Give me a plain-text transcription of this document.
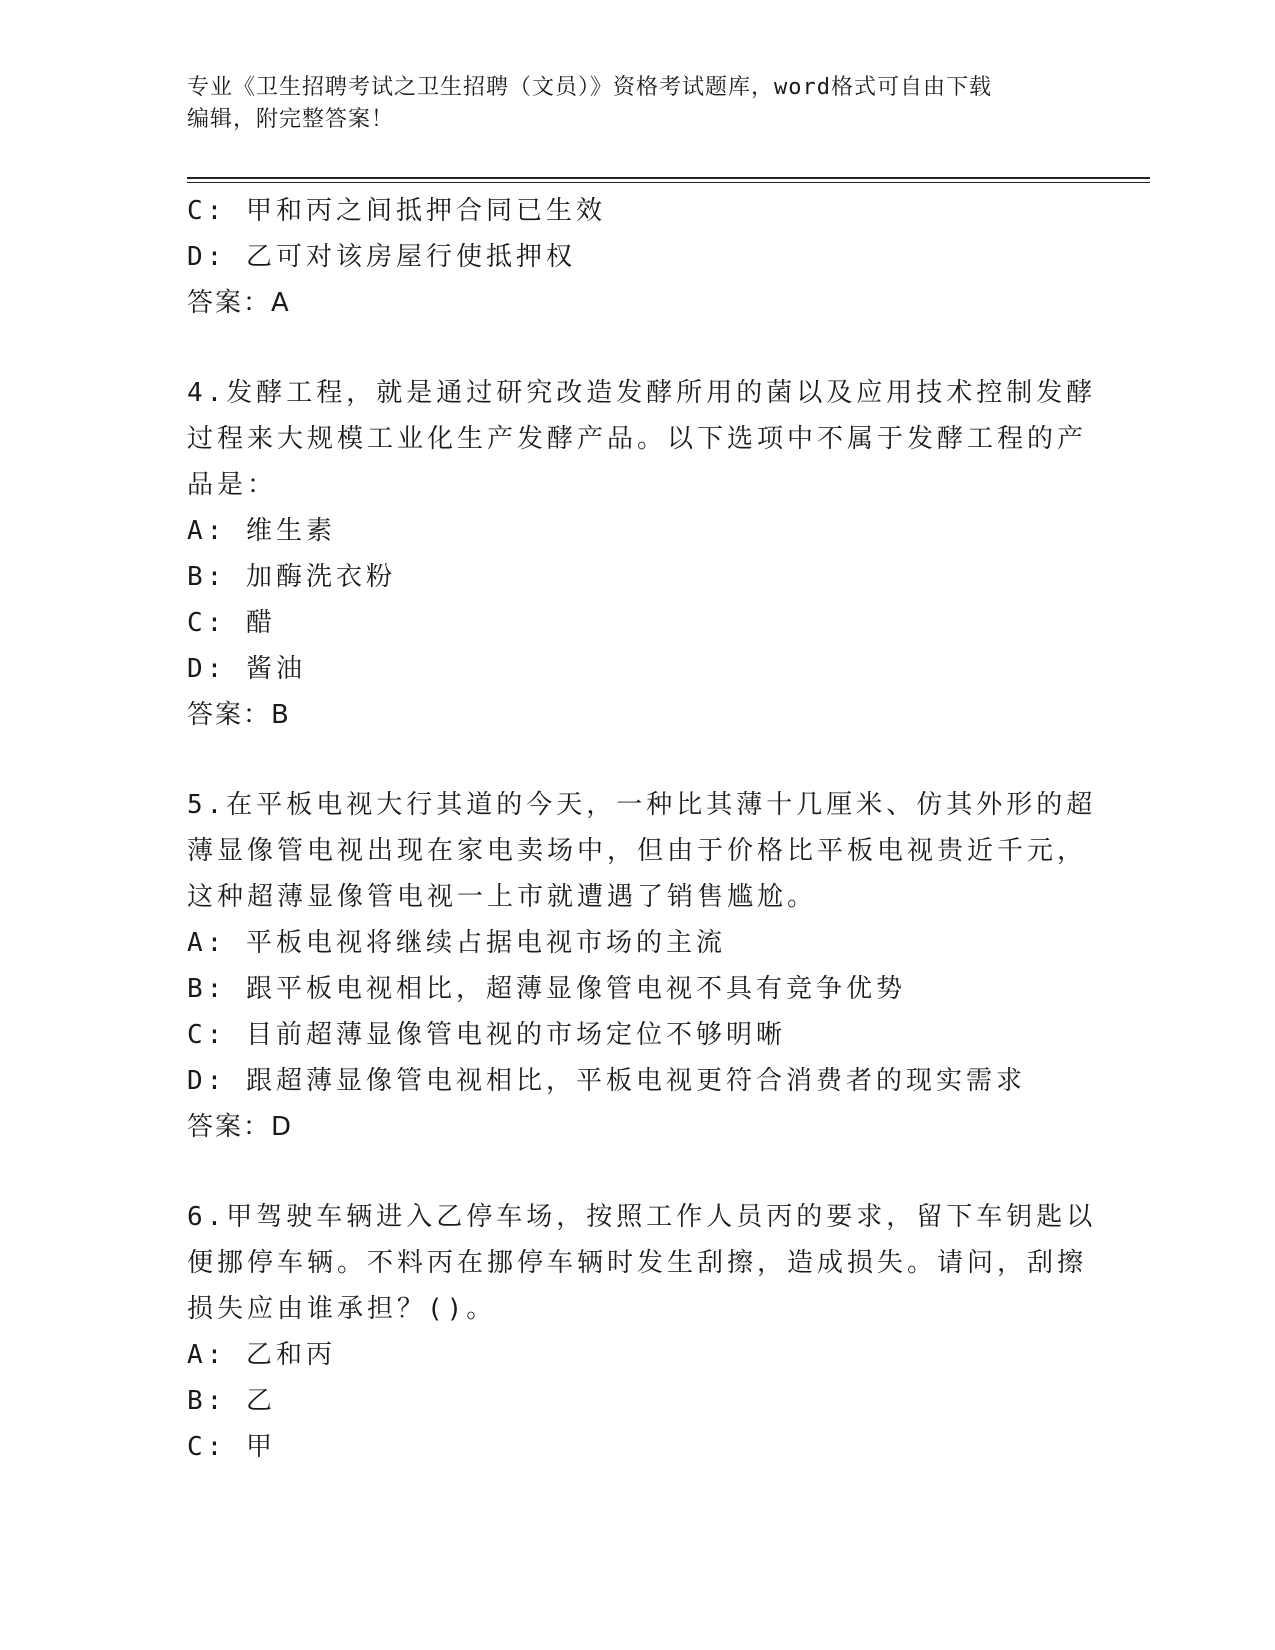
专业《卫生招聘考试之卫生招聘（文员）》资格考试题库，word格式可自由下载
编辑，附完整答案！
C: 甲和丙之间抵押合同已生效
D: 乙可对该房屋行使抵押权
答案：A
4.发酵工程，就是通过研究改造发酵所用的菌以及应用技术控制发酵
过程来大规模工业化生产发酵产品。以下选项中不属于发酵工程的产
品是：
A: 维生素
B: 加酶洗衣粉
C: 醋
D: 酱油
答案：B
5.在平板电视大行其道的今天，一种比其薄十几厘米、仿其外形的超
薄显像管电视出现在家电卖场中，但由于价格比平板电视贵近千元，
这种超薄显像管电视一上市就遭遇了销售尴尬。
A: 平板电视将继续占据电视市场的主流
B: 跟平板电视相比，超薄显像管电视不具有竞争优势
C: 目前超薄显像管电视的市场定位不够明晰
D: 跟超薄显像管电视相比，平板电视更符合消费者的现实需求
答案：D
6.甲驾驶车辆进入乙停车场，按照工作人员丙的要求，留下车钥匙以
便挪停车辆。不料丙在挪停车辆时发生刮擦，造成损失。请问，刮擦
损失应由谁承担？()。
A: 乙和丙
B: 乙
C: 甲
